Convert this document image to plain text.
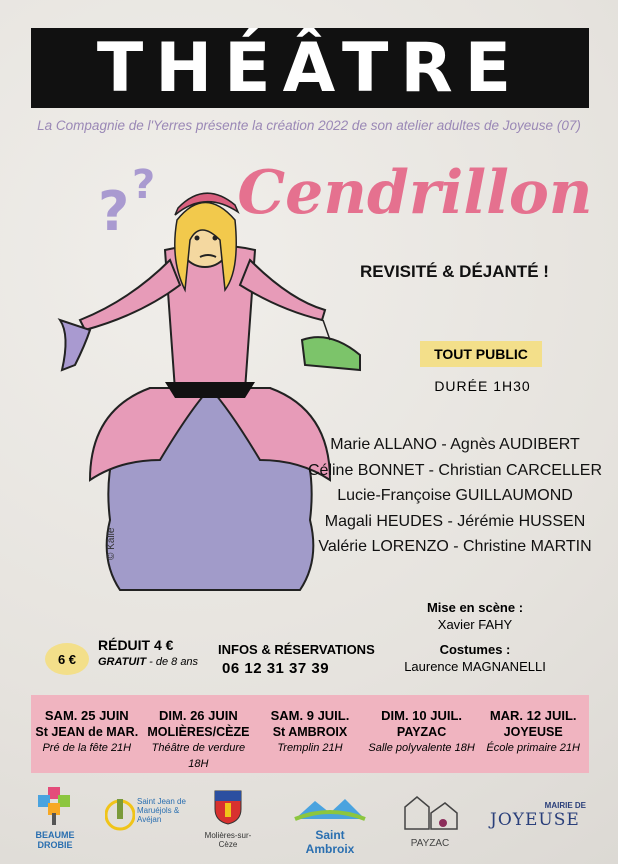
THÉÂTRE
La Compagnie de l'Yerres présente la création 2022 de son atelier adultes de Joyeuse (07)
? ?
© Kalie
Cendrillon
REVISITÉ & DÉJANTÉ !
TOUT PUBLIC
DURÉE 1H30
Marie ALLANO - Agnès AUDIBERT
Céline BONNET - Christian CARCELLER
Lucie-Françoise GUILLAUMOND
Magali HEUDES - Jérémie HUSSEN
Valérie LORENZO - Christine MARTIN
Mise en scène :
Xavier FAHY
Costumes :
Laurence MAGNANELLI
6 €
RÉDUIT 4 €
GRATUIT - de 8 ans
INFOS & RÉSERVATIONS
06 12 31 37 39
SAM. 25 JUIN
St JEAN de MAR.
Pré de la fête 21H
DIM. 26 JUIN
MOLIÈRES/CÈZE
Théâtre de verdure 18H
SAM. 9 JUIL.
St AMBROIX
Tremplin 21H
DIM. 10 JUIL.
PAYZAC
Salle polyvalente 18H
MAR. 12 JUIL.
JOYEUSE
École primaire 21H
BEAUME DROBIE
Saint Jean de Maruéjols & Avéjan
Molières-sur-Cèze
Saint Ambroix	PAYZAC
MAIRIE DE
JOYEUSE
